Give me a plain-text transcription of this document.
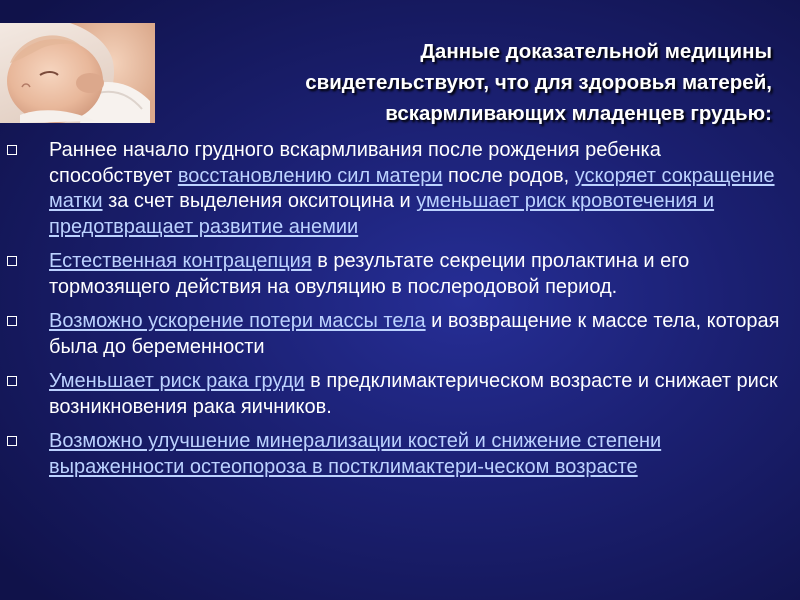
Данные доказательной медицины
свидетельствуют, что для здоровья матерей,
вскармливающих младенцев грудью:
Раннее начало грудного вскармливания после рождения ребенка способствует восстановлению сил матери после родов, ускоряет сокращение матки за счет выделения окситоцина и уменьшает риск кровотечения и предотвращает развитие анемии
Естественная контрацепция в результате секреции пролактина и его тормозящего действия на овуляцию в послеродовой период.
Возможно ускорение потери массы тела и возвращение к массе тела, которая была до беременности
Уменьшает риск рака груди в предклимактерическом возрасте и снижает риск возникновения рака яичников.
Возможно улучшение минерализации костей и снижение степени выраженности остеопороза в постклимактери-ческом возрасте
